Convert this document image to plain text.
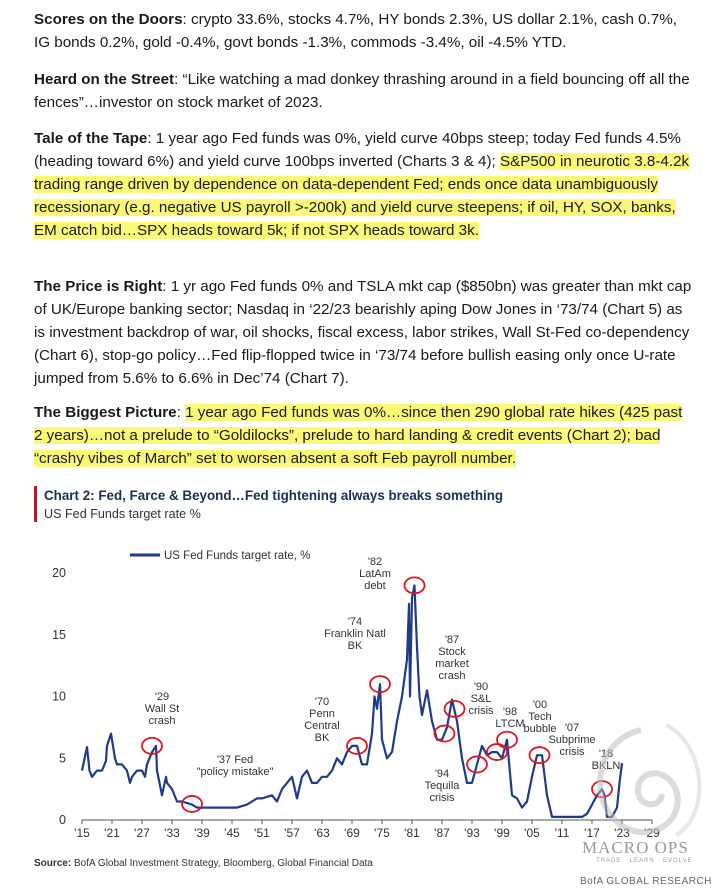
Scores on the Doors: crypto 33.6%, stocks 4.7%, HY bonds 2.3%, US dollar 2.1%, cash 0.7%, IG bonds 0.2%, gold -0.4%, govt bonds -1.3%, commods -3.4%, oil -4.5% YTD.
Heard on the Street: “Like watching a mad donkey thrashing around in a field bouncing off all the fences”…investor on stock market of 2023.
Tale of the Tape: 1 year ago Fed funds was 0%, yield curve 40bps steep; today Fed funds 4.5% (heading toward 6%) and yield curve 100bps inverted (Charts 3 & 4); S&P500 in neurotic 3.8-4.2k trading range driven by dependence on data-dependent Fed; ends once data unambiguously recessionary (e.g. negative US payroll >-200k) and yield curve steepens; if oil, HY, SOX, banks, EM catch bid…SPX heads toward 5k; if not SPX heads toward 3k.
The Price is Right: 1 yr ago Fed funds 0% and TSLA mkt cap ($850bn) was greater than mkt cap of UK/Europe banking sector; Nasdaq in ‘22/23 bearishly aping Dow Jones in ‘73/74 (Chart 5) as is investment backdrop of war, oil shocks, fiscal excess, labor strikes, Wall St-Fed co-dependency (Chart 6), stop-go policy…Fed flip-flopped twice in ‘73/74 before bullish easing only once U-rate jumped from 5.6% to 6.6% in Dec’74 (Chart 7).
The Biggest Picture: 1 year ago Fed funds was 0%…since then 290 global rate hikes (425 past 2 years)…not a prelude to “Goldilocks”, prelude to hard landing & credit events (Chart 2); bad “crashy vibes of March” set to worsen absent a soft Feb payroll number.
Chart 2: Fed, Farce & Beyond…Fed tightening always breaks something
US Fed Funds target rate %
'15 '21 '27 '33 '39 '45 '51 '57 '63 '69 '75 '81 '87 '93 '99 '05 '11 '17 '23 '29
0
5
10
15
20
US Fed Funds target rate, %
'29 Wall St crash
'37 Fed "policy mistake"
'70 Penn Central BK
'74 Franklin Natl BK
'82 LatAm debt
'87 Stock market crash
'90 S&L crisis
'94 Tequila crisis
'98 LTCM
'00 Tech bubble '07 Subprime crisis	'18 BKLN
Source: BofA Global Investment Strategy, Bloomberg, Global Financial Data
MACRO OPS
TRADE · LEARN · EVOLVE
BofA GLOBAL RESEARCH
